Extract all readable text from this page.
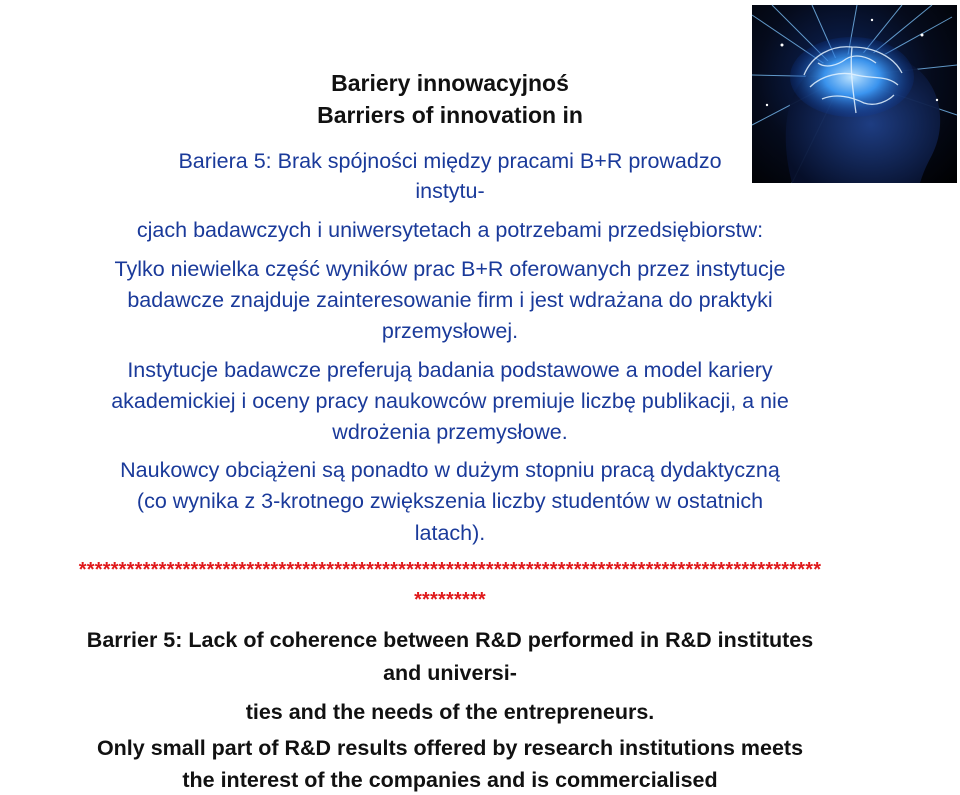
Bariery innowacyjnoś
Barriers of innovation in
Bariera 5: Brak spójności między pracami B+R prowadzo
instytu-
cjach badawczych i uniwersytetach a potrzebami przedsiębiorstw:
Tylko niewielka część wyników prac B+R oferowanych przez instytucje
badawcze znajduje zainteresowanie firm i jest wdrażana do praktyki
przemysłowej.
Instytucje badawcze preferują badania podstawowe a model kariery
akademickiej i oceny pracy naukowców premiuje liczbę publikacji, a nie
wdrożenia przemysłowe.
Naukowcy obciążeni są ponadto w dużym stopniu pracą dydaktyczną
(co wynika z 3-krotnego zwiększenia liczby studentów w ostatnich
latach).
*********************************************************************************************
*********
Barrier 5: Lack of coherence between R&D performed in R&D institutes
and universi-
ties and the needs of the entrepreneurs.
Only small part of R&D results offered by research institutions meets
the interest of the companies and is commercialised
